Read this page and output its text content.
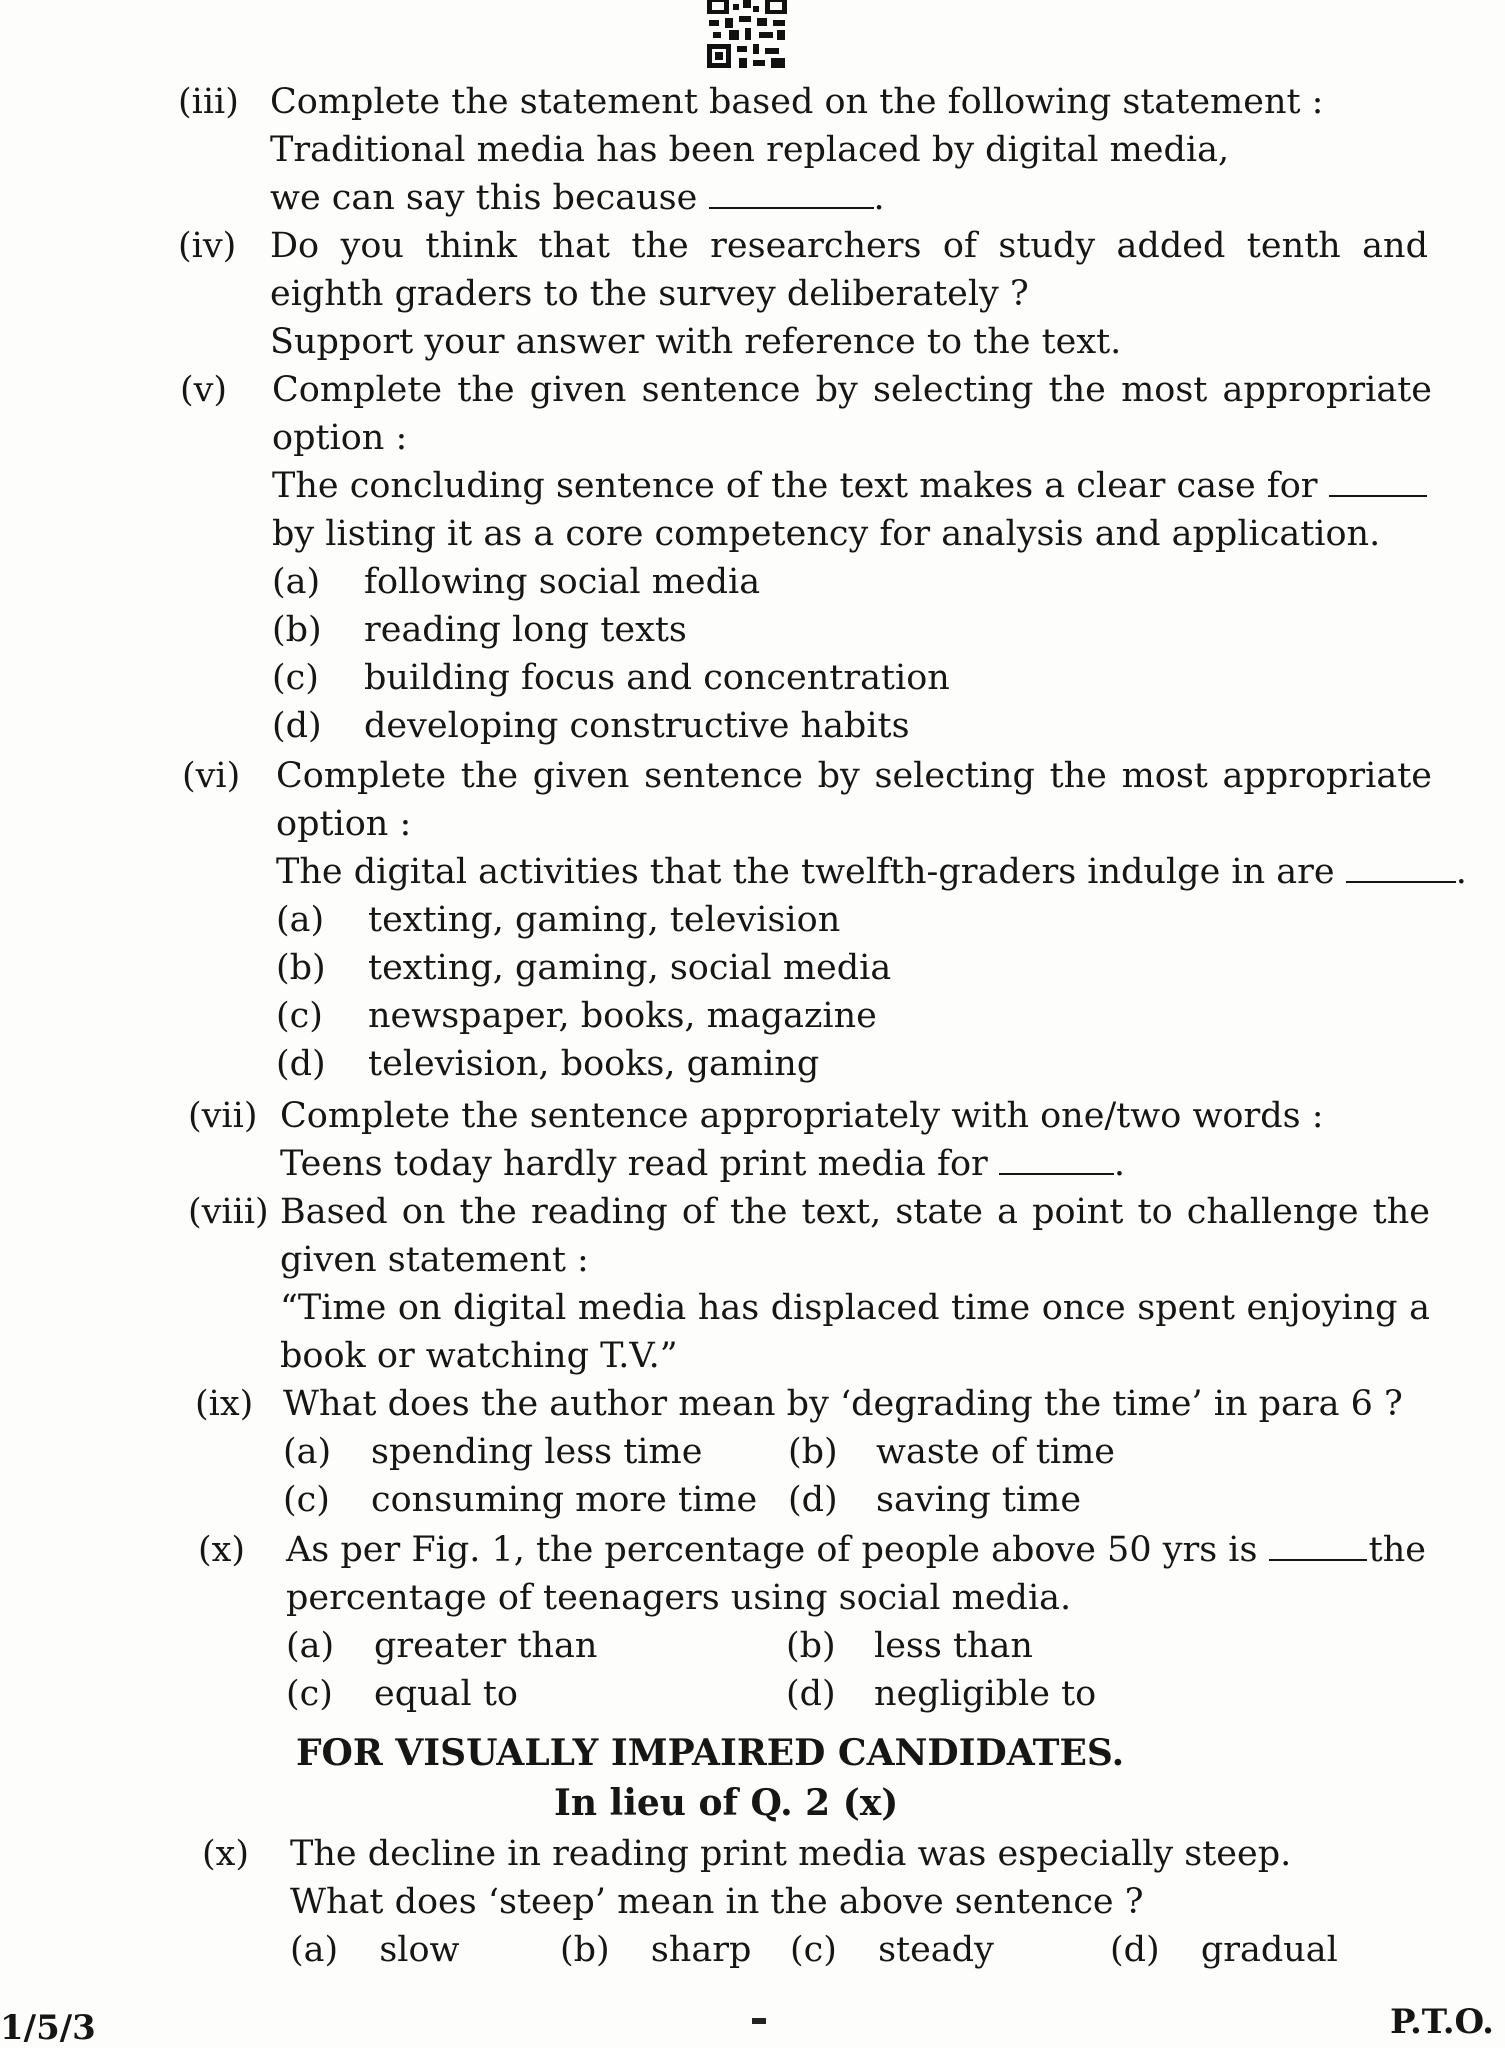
(iii) Complete the statement based on the following statement :
Traditional media has been replaced by digital media,
we can say this because	.
(iv) Do you think that the researchers of study added tenth and
eighth graders to the survey deliberately ?
Support your answer with reference to the text.
(v) Complete the given sentence by selecting the most appropriate
option :
The concluding sentence of the text makes a clear case for
by listing it as a core competency for analysis and application.
(a) following social media
(b) reading long texts
(c) building focus and concentration
(d) developing constructive habits
(vi) Complete the given sentence by selecting the most appropriate
option :
The digital activities that the twelfth-graders indulge in are	.
(a) texting, gaming, television
(b) texting, gaming, social media
(c) newspaper, books, magazine
(d) television, books, gaming
(vii) Complete the sentence appropriately with one/two words :
Teens today hardly read print media for	.
(viii) Based on the reading of the text, state a point to challenge the
given statement :
“Time on digital media has displaced time once spent enjoying a
book or watching T.V.”
(ix) What does the author mean by ‘degrading the time’ in para 6 ?
(a) spending less time (b) waste of time
(c) consuming more time (d) saving time
(x) As per Fig. 1, the percentage of people above 50 yrs is	the
percentage of teenagers using social media.
(a) greater than	(b) less than
(c) equal to	(d) negligible to
FOR VISUALLY IMPAIRED CANDIDATES.
In lieu of Q. 2 (x)
(x) The decline in reading print media was especially steep.
What does ‘steep’ mean in the above sentence ?
(a) slow	(b) sharp (c) steady	(d) gradual
1/5/3	P.T.O.
